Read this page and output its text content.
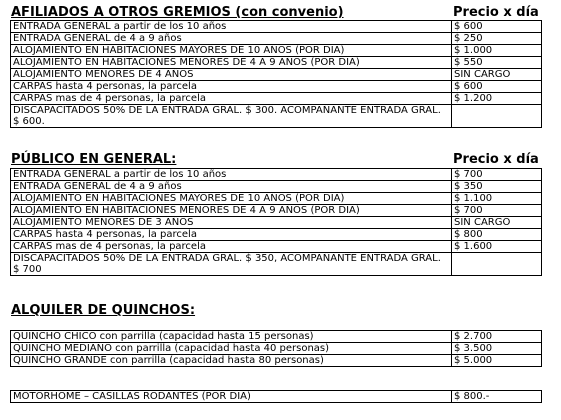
AFILIADOS A OTROS GREMIOS (con convenio)	Precio x día
ENTRADA GENERAL a partir de los 10 años	$ 600
ENTRADA GENERAL de 4 a 9 años	$ 250
ALOJAMIENTO EN HABITACIONES MAYORES DE 10 AÑOS (POR DIA)	$ 1.000
ALOJAMIENTO EN HABITACIONES MENORES DE 4 A 9 AÑOS (POR DIA)	$ 550
ALOJAMIENTO MENORES DE 4 AÑOS	SIN CARGO
CARPAS hasta 4 personas, la parcela	$ 600
CARPAS mas de 4 personas, la parcela	$ 1.200
DISCAPACITADOS 50% DE LA ENTRADA GRAL. $ 300. ACOMPAÑANTE ENTRADA GRAL. $ 600.	
PÚBLICO EN GENERAL:	Precio x día
ENTRADA GENERAL a partir de los 10 años	$ 700
ENTRADA GENERAL de 4 a 9 años	$ 350
ALOJAMIENTO EN HABITACIONES MAYORES DE 10 AÑOS (POR DIA)	$ 1.100
ALOJAMIENTO EN HABITACIONES MENORES DE 4 A 9 AÑOS (POR DIA)	$ 700
ALOJAMIENTO MENORES DE 3 AÑOS	SIN CARGO
CARPAS hasta 4 personas, la parcela	$ 800
CARPAS mas de 4 personas, la parcela	$ 1.600
DISCAPACITADOS 50% DE LA ENTRADA GRAL. $ 350, ACOMPAÑANTE ENTRADA GRAL. $ 700	
ALQUILER DE QUINCHOS:
QUINCHO CHICO con parrilla (capacidad hasta 15 personas)	$ 2.700
QUINCHO MEDIANO con parrilla (capacidad hasta 40 personas)	$ 3.500
QUINCHO GRANDE con parrilla (capacidad hasta 80 personas)	$ 5.000
MOTORHOME – CASILLAS RODANTES (POR DIA)	$ 800.-
